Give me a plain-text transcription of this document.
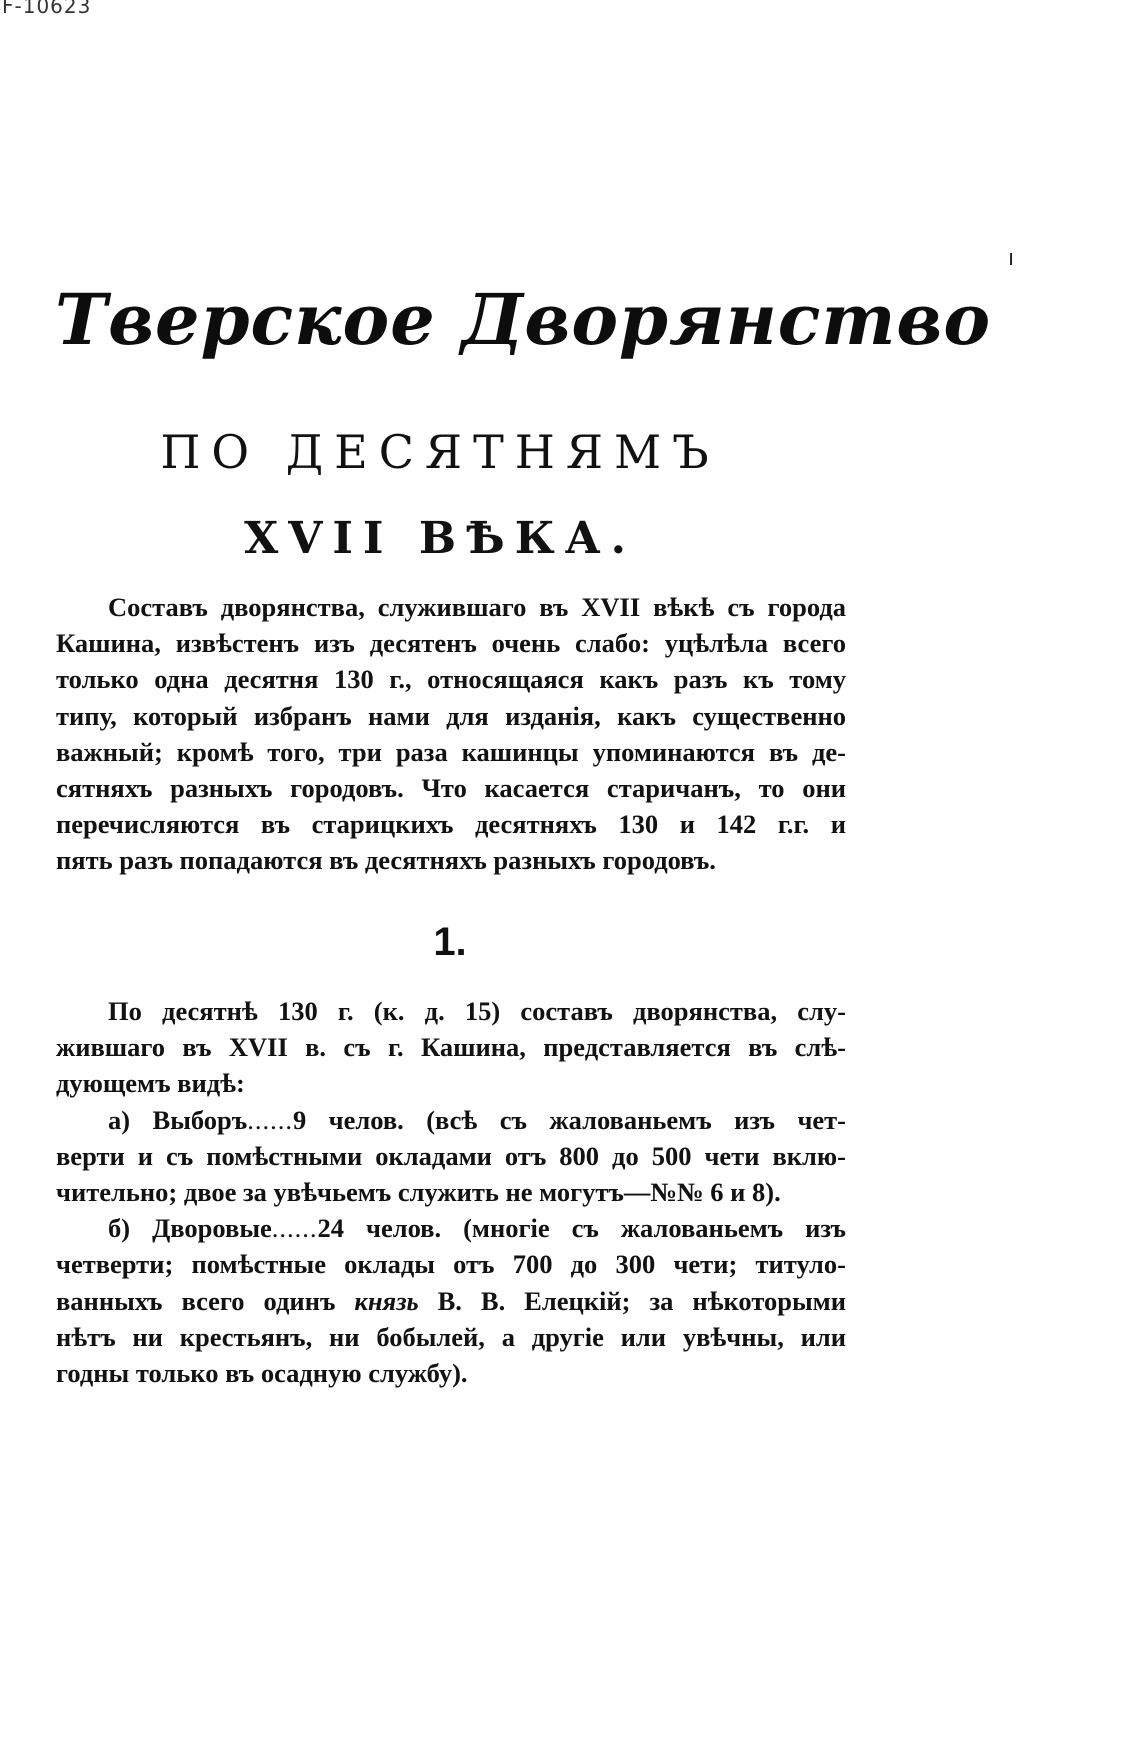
F-10623
ı
Тверское Дворянство
ПО ДЕСЯТНЯМЪ
XVII ВѢКА.
Составъ дворянства, служившаго въ XVII вѣкѣ съ города
Кашина, извѣстенъ изъ десятенъ очень слабо: уцѣлѣла всего
только одна десятня 130 г., относящаяся какъ разъ къ тому
типу, который избранъ нами для изданія, какъ существенно
важный; кромѣ того, три раза кашинцы упоминаются въ де-
сятняхъ разныхъ городовъ. Что касается старичанъ, то они
перечисляются въ старицкихъ десятняхъ 130 и 142 г.г. и
пять разъ попадаются въ десятняхъ разныхъ городовъ.
1.
По десятнѣ 130 г. (к. д. 15) составъ дворянства, слу-
жившаго въ XVII в. съ г. Кашина, представляется въ слѣ-
дующемъ видѣ:
а) Выборъ......9 челов. (всѣ съ жалованьемъ изъ чет-
верти и съ помѣстными окладами отъ 800 до 500 чети вклю-
чительно; двое за увѣчьемъ служить не могутъ—№№ 6 и 8).
б) Дворовые......24 челов. (многіе съ жалованьемъ изъ
четверти; помѣстные оклады отъ 700 до 300 чети; титуло-
ванныхъ всего одинъ князь В. В. Елецкій; за нѣкоторыми
нѣтъ ни крестьянъ, ни бобылей, а другіе или увѣчны, или
годны только въ осадную службу).
